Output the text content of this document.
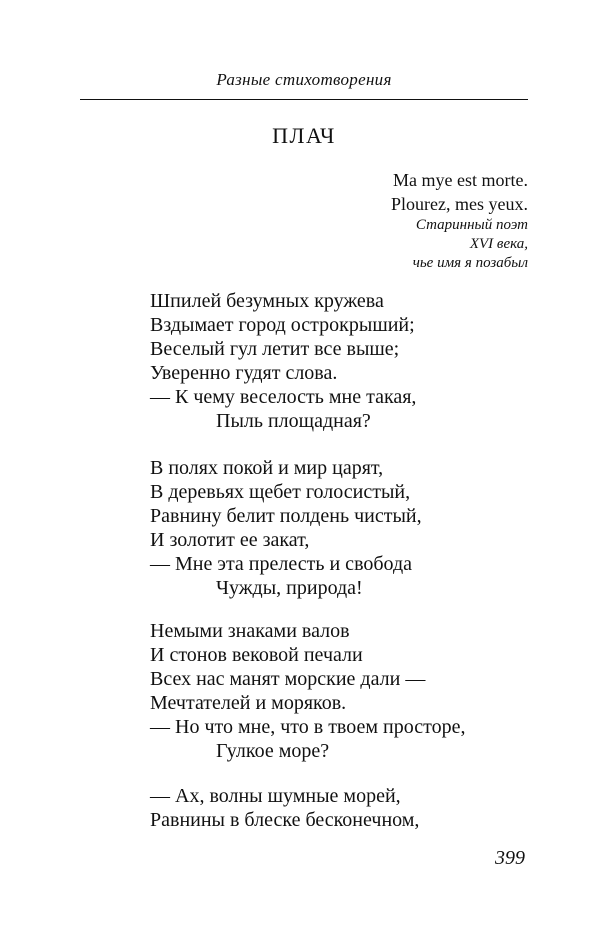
Разные стихотворения
ПЛАЧ
Ma mye est morte.
Plourez, mes yeux.
Старинный поэт
XVI века,
чье имя я позабыл
Шпилей безумных кружева
Вздымает город острокрыший;
Веселый гул летит все выше;
Уверенно гудят слова.
— К чему веселость мне такая,
Пыль площадная?
В полях покой и мир царят,
В деревьях щебет голосистый,
Равнину белит полдень чистый,
И золотит ее закат,
— Мне эта прелесть и свобода
Чужды, природа!
Немыми знаками валов
И стонов вековой печали
Всех нас манят морские дали —
Мечтателей и моряков.
— Но что мне, что в твоем просторе,
Гулкое море?
— Ах, волны шумные морей,
Равнины в блеске бесконечном,
399
